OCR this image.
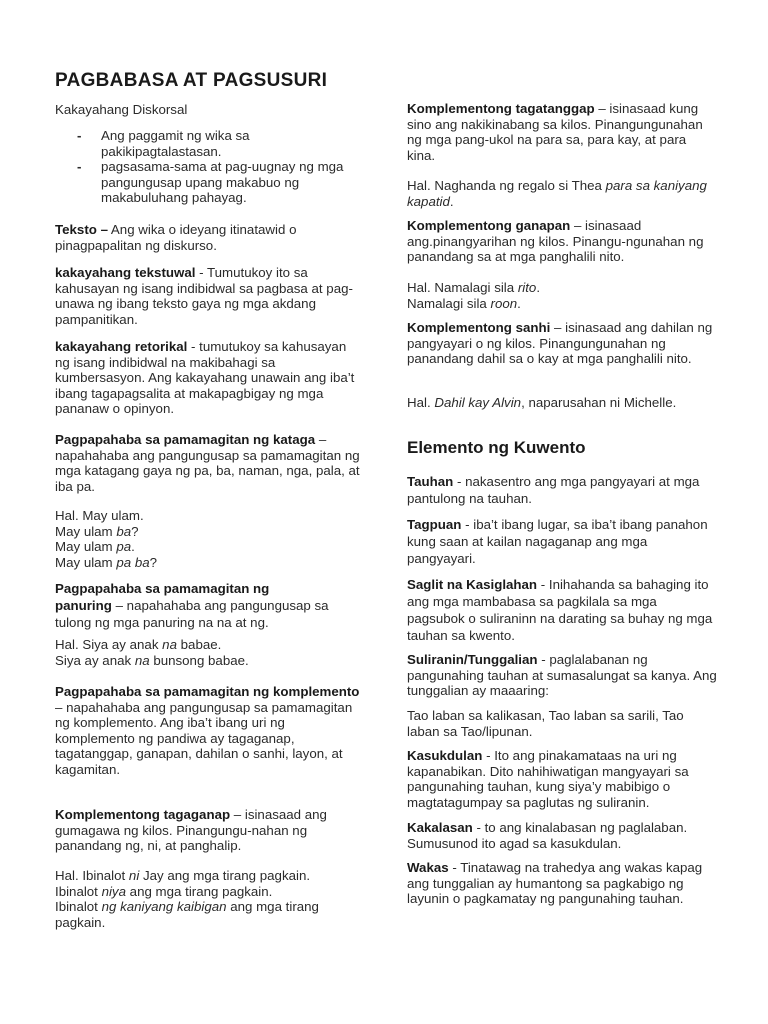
PAGBABASA AT PAGSUSURI

Kakayahang Diskorsal

- Ang paggamit ng wika sa pakikipagtalastasan.
- pagsasama-sama at pag-uugnay ng mga pangungusap upang makabuo ng makabuluhang pahayag.

Teksto – Ang wika o ideyang itinatawid o pinagpapalitan ng diskurso.

kakayahang tekstuwal - Tumutukoy ito sa kahusayan ng isang indibidwal sa pagbasa at pag-unawa ng ibang teksto gaya ng mga akdang pampanitikan.

kakayahang retorikal - tumutukoy sa kahusayan ng isang indibidwal na makibahagi sa kumbersasyon. Ang kakayahang unawain ang iba’t ibang tagapagsalita at makapagbigay ng mga pananaw o opinyon.

Pagpapahaba sa pamamagitan ng kataga – napahahaba ang pangungusap sa pamamagitan ng mga katagang gaya ng pa, ba, naman, nga, pala, at iba pa.

Hal. May ulam.
May ulam ba?
May ulam pa.
May ulam pa ba?
Pagpapahaba sa pamamagitan ng
panuring – napahahaba ang pangungusap sa tulong ng mga panuring na na at ng.
Hal. Siya ay anak na babae.
Siya ay anak na bunsong babae.

Pagpapahaba sa pamamagitan ng komplemento – napahahaba ang pangungusap sa pamamagitan ng komplemento. Ang iba’t ibang uri ng komplemento ng pandiwa ay tagaganap, tagatanggap, ganapan, dahilan o sanhi, layon, at kagamitan.

Komplementong tagaganap – isinasaad ang gumagawa ng kilos. Pinangungu-nahan ng panandang ng, ni, at panghalip.

Hal. Ibinalot ni Jay ang mga tirang pagkain.
Ibinalot niya ang mga tirang pagkain.
Ibinalot ng kaniyang kaibigan ang mga tirang pagkain.

Komplementong tagatanggap – isinasaad kung sino ang nakikinabang sa kilos. Pinangungunahan ng mga pang-ukol na para sa, para kay, at para kina.

Hal. Naghanda ng regalo si Thea para sa kaniyang kapatid.

Komplementong ganapan – isinasaad ang.pinangyarihan ng kilos. Pinangu-ngunahan ng panandang sa at mga panghalili nito.

Hal. Namalagi sila rito.
Namalagi sila roon.

Komplementong sanhi – isinasaad ang dahilan ng pangyayari o ng kilos. Pinangungunahan ng panandang dahil sa o kay at mga panghalili nito.

Hal. Dahil kay Alvin, naparusahan ni Michelle.

Elemento ng Kuwento

Tauhan - nakasentro ang mga pangyayari at mga pantulong na tauhan.

Tagpuan - iba’t ibang lugar, sa iba’t ibang panahon kung saan at kailan nagaganap ang mga pangyayari.

Saglit na Kasiglahan - Inihahanda sa bahaging ito ang mga mambabasa sa pagkilala sa mga pagsubok o suliraninn na darating sa buhay ng mga tauhan sa kwento.

Suliranin/Tunggalian - paglalabanan ng pangunahing tauhan at sumasalungat sa kanya. Ang tunggalian ay maaaring:

Tao laban sa kalikasan, Tao laban sa sarili, Tao laban sa Tao/lipunan.

Kasukdulan - Ito ang pinakamataas na uri ng kapanabikan. Dito nahihiwatigan mangyayari sa pangunahing tauhan, kung siya’y mabibigo o magtatagumpay sa paglutas ng suliranin.

Kakalasan - to ang kinalabasan ng paglalaban. Sumusunod ito agad sa kasukdulan.

Wakas - Tinatawag na trahedya ang wakas kapag ang tunggalian ay humantong sa pagkabigo ng layunin o pagkamatay ng pangunahing tauhan.
